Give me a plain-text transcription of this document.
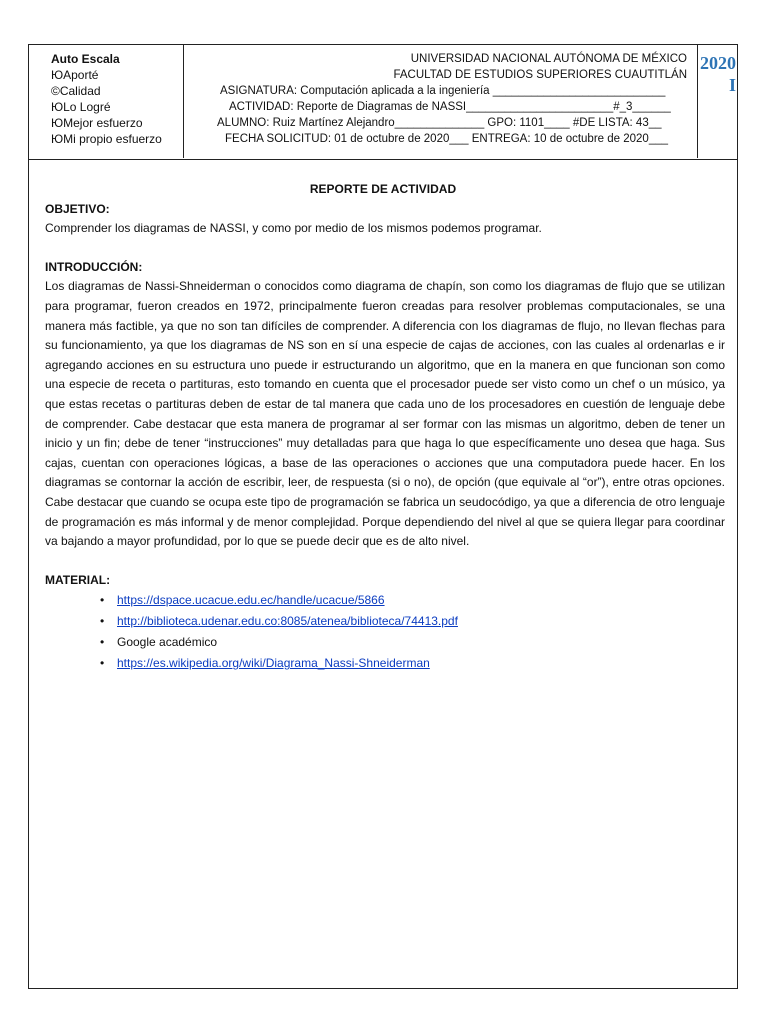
Auto Escala
ЮAporté
©Calidad
ЮLo Logré
ЮMejor esfuerzo
ЮMi propio esfuerzo
UNIVERSIDAD NACIONAL AUTÓNOMA DE MÉXICO
FACULTAD DE ESTUDIOS SUPERIORES CUAUTITLÁN
ASIGNATURA: Computación aplicada a la ingeniería ___________________________
ACTIVIDAD: Reporte de Diagramas de NASSI_______________________#_3______
ALUMNO: Ruiz Martínez Alejandro______________ GPO: 1101____ #DE LISTA: 43__
FECHA SOLICITUD: 01 de octubre de 2020___ ENTREGA: 10 de octubre de 2020___
2020
I
REPORTE DE ACTIVIDAD
OBJETIVO:

Comprender los diagramas de NASSI, y como por medio de los mismos podemos programar.

INTRODUCCIÓN:

Los diagramas de Nassi-Shneiderman o conocidos como diagrama de chapín, son como los diagramas de flujo que se utilizan para programar, fueron creados en 1972, principalmente fueron creadas para resolver problemas computacionales, se una manera más factible, ya que no son tan difíciles de comprender. A diferencia con los diagramas de flujo, no llevan flechas para su funcionamiento, ya que los diagramas de NS son en sí una especie de cajas de acciones, con las cuales al ordenarlas e ir agregando acciones en su estructura uno puede ir estructurando un algoritmo, que en la manera en que funcionan son como una especie de receta o partituras, esto tomando en cuenta que el procesador puede ser visto como un chef o un músico, ya que estas recetas o partituras deben de estar de tal manera que cada uno de los procesadores en cuestión de lenguaje debe de comprender. Cabe destacar que esta manera de programar al ser formar con las mismas un algoritmo, deben de tener un inicio y un fin; debe de tener “instrucciones” muy detalladas para que haga lo que específicamente uno desea que haga. Sus cajas, cuentan con operaciones lógicas, a base de las operaciones o acciones que una computadora puede hacer. En los diagramas se contornar la acción de escribir, leer, de respuesta (si o no), de opción (que equivale al “or”), entre otras opciones. Cabe destacar que cuando se ocupa este tipo de programación se fabrica un seudocódigo, ya que a diferencia de otro lenguaje de programación es más informal y de menor complejidad. Porque dependiendo del nivel al que se quiera llegar para coordinar va bajando a mayor profundidad, por lo que se puede decir que es de alto nivel.

MATERIAL:
• https://dspace.ucacue.edu.ec/handle/ucacue/5866
• http://biblioteca.udenar.edu.co:8085/atenea/biblioteca/74413.pdf
• Google académico
• https://es.wikipedia.org/wiki/Diagrama_Nassi-Shneiderman
